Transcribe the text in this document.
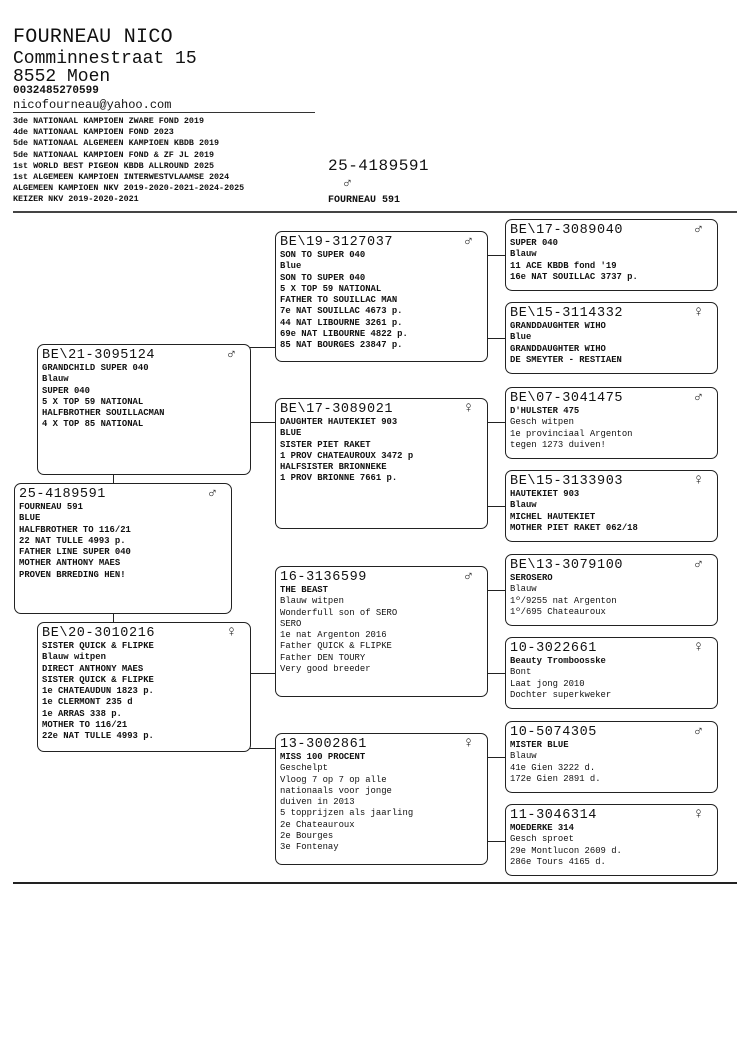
FOURNEAU NICO
Comminnestraat 15
8552 Moen
0032485270599
nicofourneau@yahoo.com
3de NATIONAAL KAMPIOEN ZWARE FOND 2019
4de NATIONAAL KAMPIOEN FOND 2023
5de NATIONAAL ALGEMEEN KAMPIOEN KBDB 2019
5de NATIONAAL KAMPIOEN FOND & ZF JL 2019
1st WORLD BEST PIGEON KBDB ALLROUND 2025
1st ALGEMEEN KAMPIOEN INTERWESTVLAAMSE 2024
ALGEMEEN KAMPIOEN NKV 2019-2020-2021-2024-2025
KEIZER NKV 2019-2020-2021
25-4189591
♂
FOURNEAU 591
25-4189591	♂
FOURNEAU 591
BLUE
HALFBROTHER TO 116/21
22 NAT TULLE 4993 p.
FATHER LINE SUPER 040
MOTHER ANTHONY MAES
PROVEN BRREDING HEN!
BE\21-3095124	♂
GRANDCHILD SUPER 040
Blauw
SUPER 040
5 X TOP 59 NATIONAL
HALFBROTHER SOUILLACMAN
4 X TOP 85 NATIONAL
BE\20-3010216	♀
SISTER QUICK & FLIPKE
Blauw witpen
DIRECT ANTHONY MAES
SISTER QUICK & FLIPKE
1e CHATEAUDUN 1823 p.
1e CLERMONT 235 d
1e ARRAS 338 p.
MOTHER TO 116/21
22e NAT TULLE 4993 p.
BE\19-3127037	♂
SON TO SUPER 040
Blue
SON TO SUPER 040
5 X TOP 59 NATIONAL
FATHER TO SOUILLAC MAN
7e NAT SOUILLAC 4673 p.
44 NAT LIBOURNE 3261 p.
69e NAT LIBOURNE 4822 p.
85 NAT BOURGES 23847 p.
BE\17-3089021	♀
DAUGHTER HAUTEKIET 903
BLUE
SISTER PIET RAKET
1 PROV CHATEAUROUX 3472 p
HALFSISTER BRIONNEKE
1 PROV BRIONNE 7661 p.
16-3136599	♂
THE BEAST
Blauw witpen
Wonderfull son of SERO
SERO
1e nat Argenton 2016
Father QUICK & FLIPKE
Father DEN TOURY
Very good breeder
13-3002861	♀
MISS 100 PROCENT
Geschelpt
Vloog 7 op 7 op alle
nationaals voor jonge
duiven in 2013
5 topprijzen als jaarling
2e Chateauroux
2e Bourges
3e Fontenay
BE\17-3089040	♂
SUPER 040
Blauw
11 ACE KBDB fond '19
16e NAT SOUILLAC 3737 p.
BE\15-3114332	♀
GRANDDAUGHTER WIHO
Blue
GRANDDAUGHTER WIHO
DE SMEYTER - RESTIAEN
BE\07-3041475	♂
D'HULSTER 475
Gesch witpen
1e provinciaal Argenton
tegen 1273 duiven!
BE\15-3133903	♀
HAUTEKIET 903
Blauw
MICHEL HAUTEKIET
MOTHER PIET RAKET 062/18
BE\13-3079100	♂
SEROSERO
Blauw
1º/9255 nat Argenton
1º/695 Chateauroux
10-3022661	♀
Beauty Tromboosske
Bont
Laat jong 2010
Dochter superkweker
10-5074305	♂
MISTER BLUE
Blauw
41e Gien 3222 d.
172e Gien 2891 d.
11-3046314	♀
MOEDERKE 314
Gesch sproet
29e Montlucon 2609 d.
286e Tours 4165 d.
